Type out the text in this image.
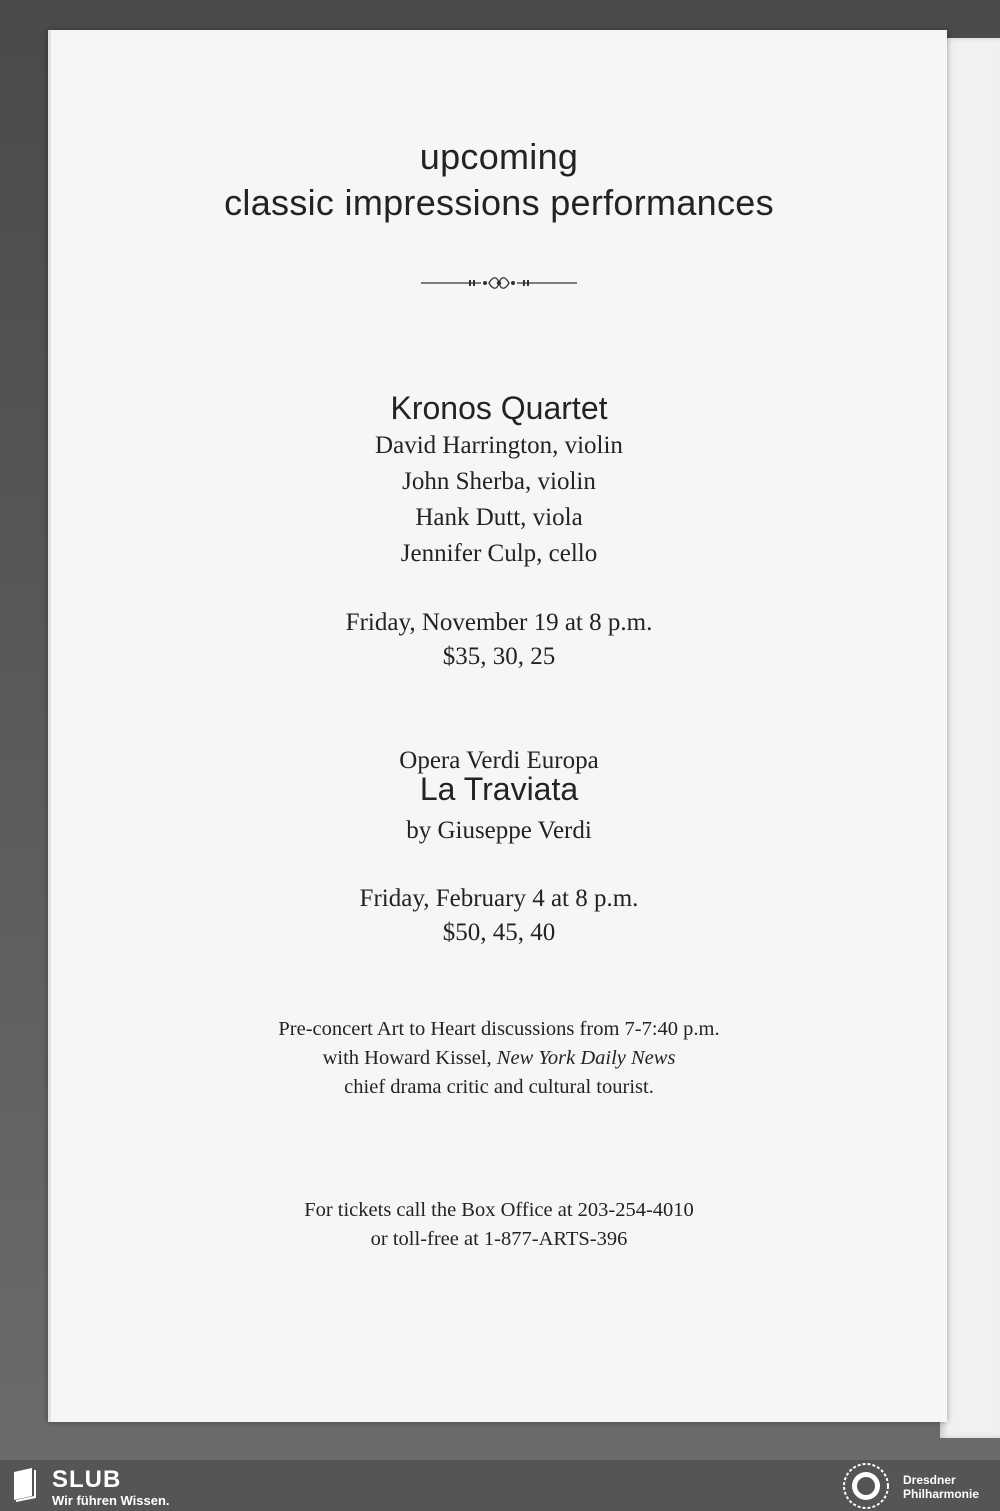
upcoming
classic impressions performances
Kronos Quartet
David Harrington, violin
John Sherba, violin
Hank Dutt, viola
Jennifer Culp, cello
Friday, November 19 at 8 p.m.
$35, 30, 25
Opera Verdi Europa
La Traviata
by Giuseppe Verdi
Friday, February 4 at 8 p.m.
$50, 45, 40
Pre-concert Art to Heart discussions from 7-7:40 p.m.
with Howard Kissel, New York Daily News
chief drama critic and cultural tourist.
For tickets call the Box Office at 203-254-4010
or toll-free at 1-877-ARTS-396
SLUB
Wir führen Wissen.
Dresdner
Philharmonie
